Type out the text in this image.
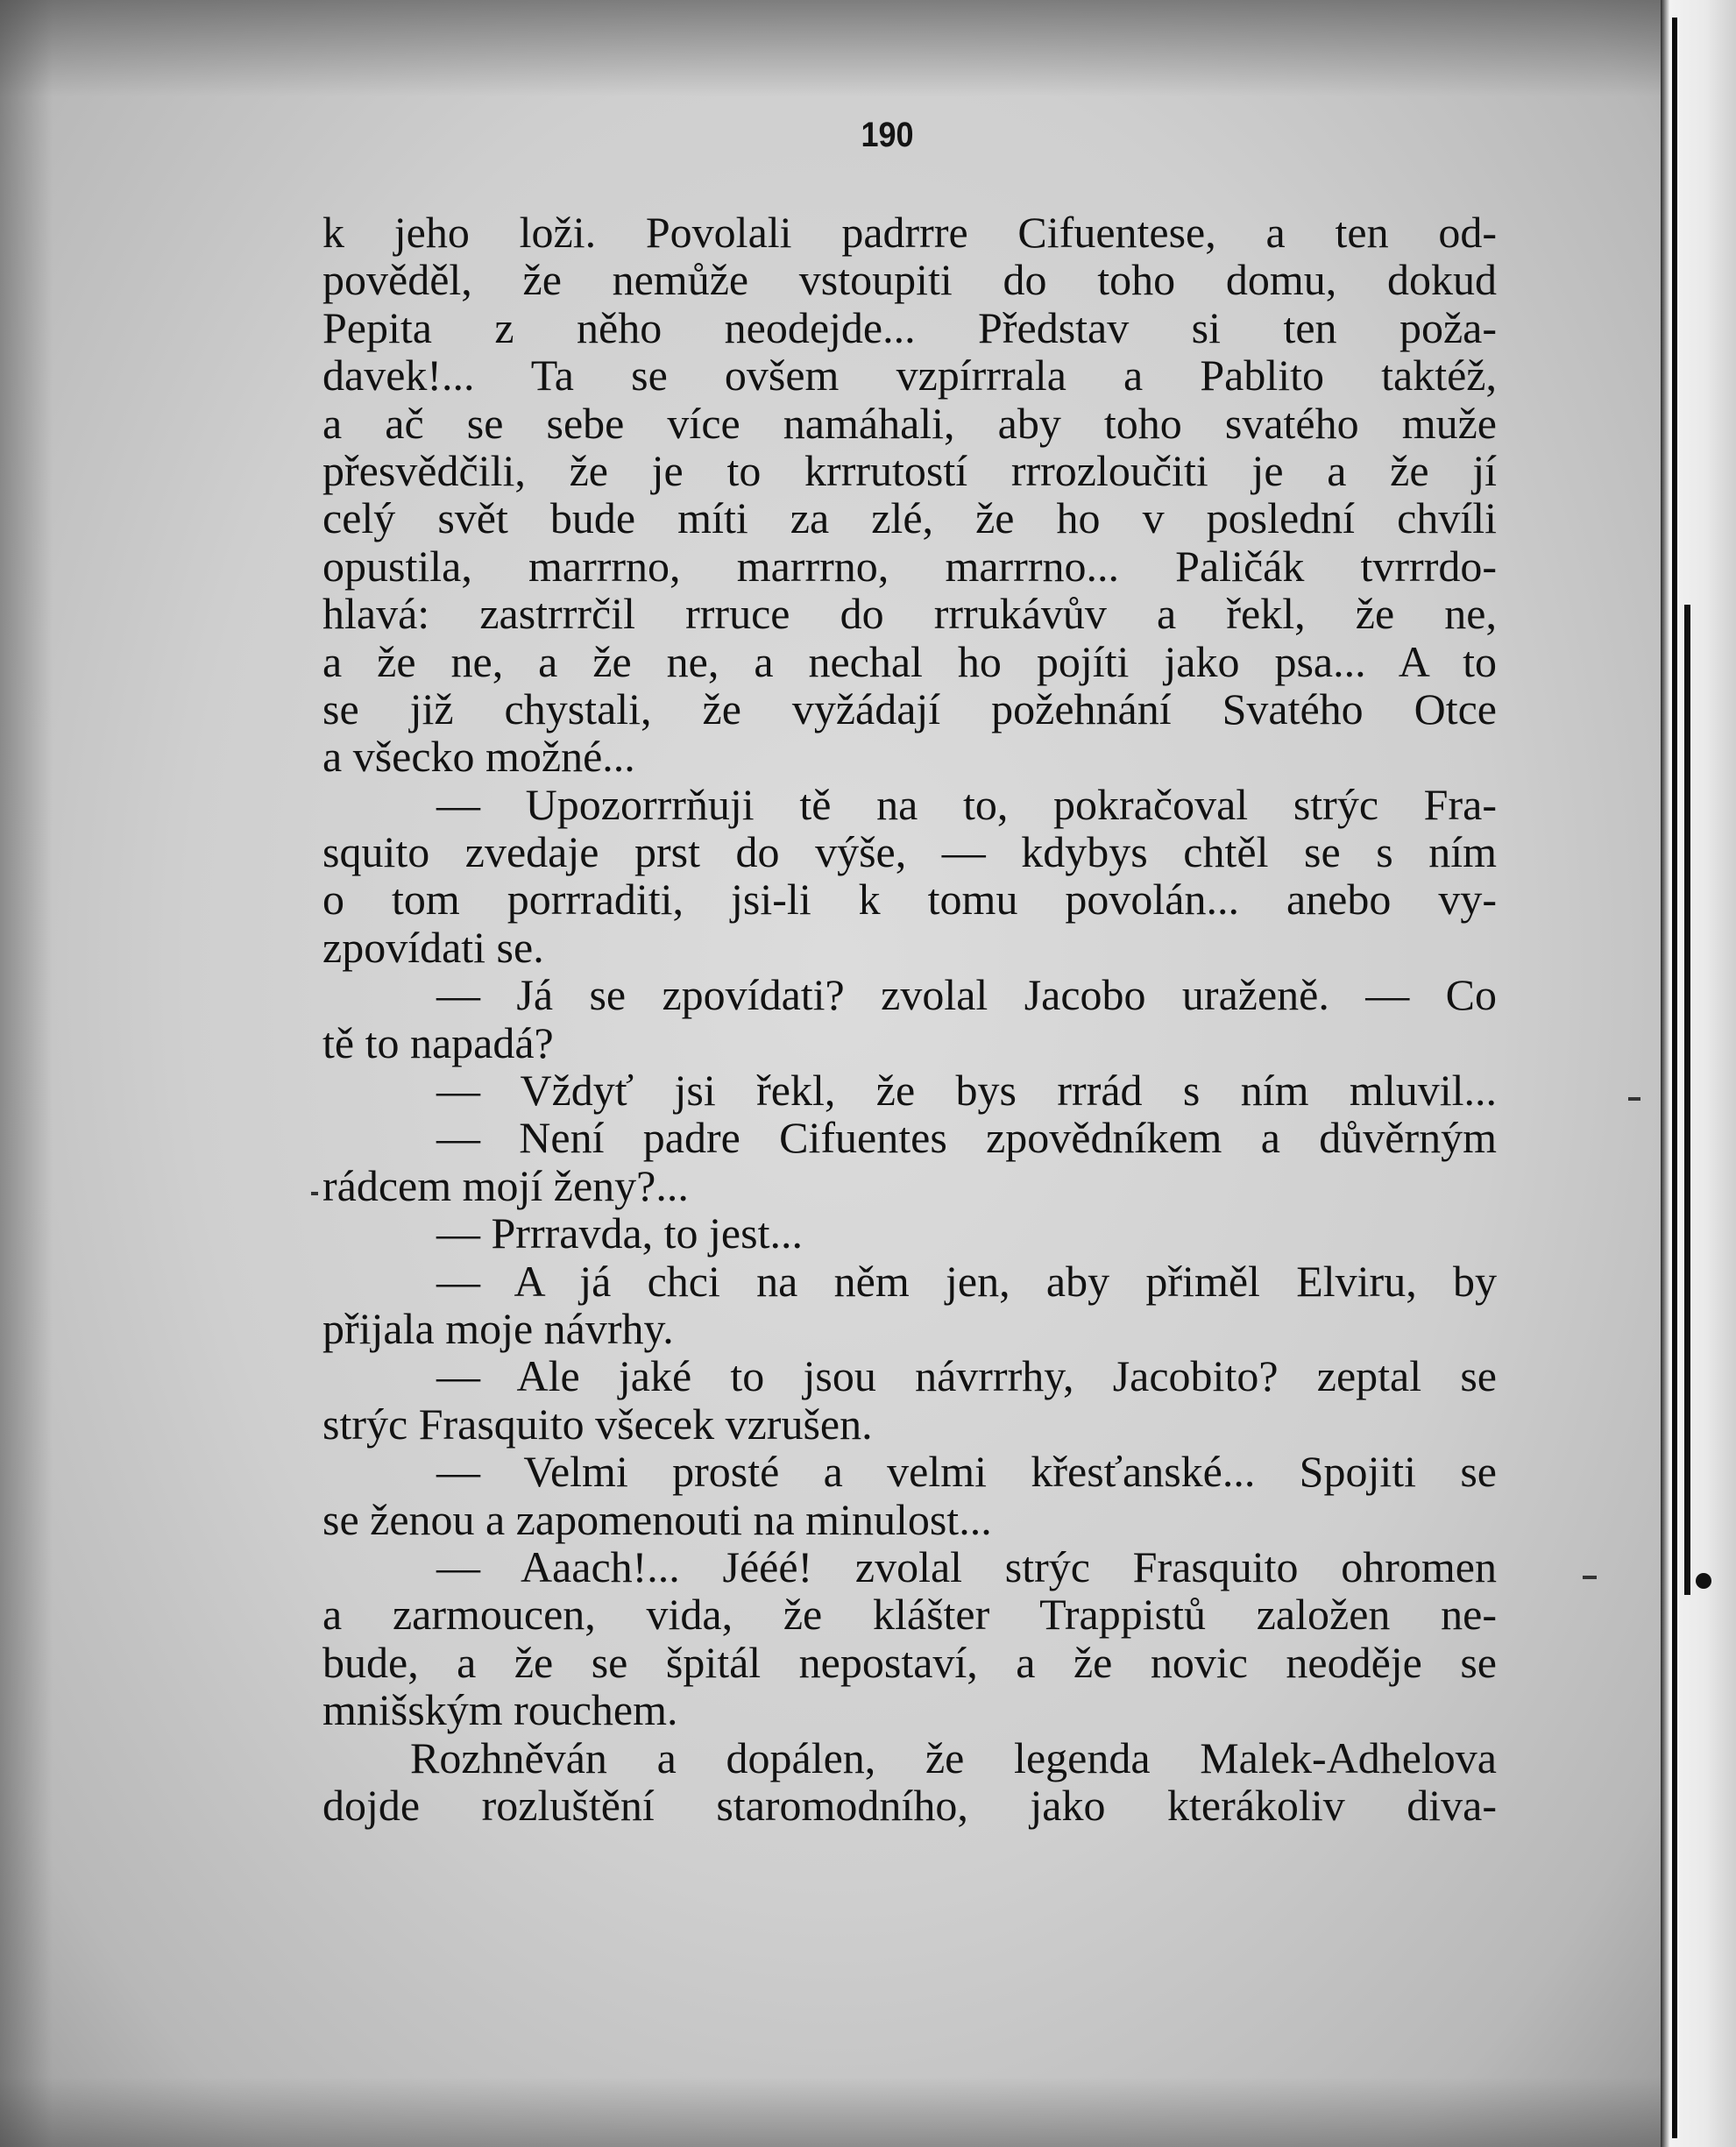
190
k jeho loži. Povolali padrrre Cifuentese, a ten od-
pověděl, že nemůže vstoupiti do toho domu, dokud
Pepita z něho neodejde... Představ si ten poža-
davek!... Ta se ovšem vzpírrrala a Pablito taktéž,
a ač se sebe více namáhali, aby toho svatého muže
přesvědčili, že je to krrrutostí rrrozloučiti je a že jí
celý svět bude míti za zlé, že ho v poslední chvíli
opustila, marrrno, marrrno, marrrno... Paličák tvrrrdo-
hlavá: zastrrrčil rrruce do rrrukávův a řekl, že ne,
a že ne, a že ne, a nechal ho pojíti jako psa... A to
se již chystali, že vyžádají požehnání Svatého Otce
a všecko možné...
— Upozorrrňuji tě na to, pokračoval strýc Fra-
squito zvedaje prst do výše, — kdybys chtěl se s ním
o tom porrraditi, jsi-li k tomu povolán... anebo vy-
zpovídati se.
— Já se zpovídati? zvolal Jacobo uraženě. — Co
tě to napadá?
— Vždyť jsi řekl, že bys rrrád s ním mluvil...
— Není padre Cifuentes zpovědníkem a důvěrným
rádcem mojí ženy?...
— Prrravda, to jest...
— A já chci na něm jen, aby přiměl Elviru, by
přijala moje návrhy.
— Ale jaké to jsou návrrrhy, Jacobito? zeptal se
strýc Frasquito všecek vzrušen.
— Velmi prosté a velmi křesťanské... Spojiti se
se ženou a zapomenouti na minulost...
— Aaach!... Jééé! zvolal strýc Frasquito ohromen
a zarmoucen, vida, že klášter Trappistů založen ne-
bude, a že se špitál nepostaví, a že novic neoděje se
mnišským rouchem.
Rozhněván a dopálen, že legenda Malek-Adhelova
dojde rozluštění staromodního, jako kterákoliv diva-
